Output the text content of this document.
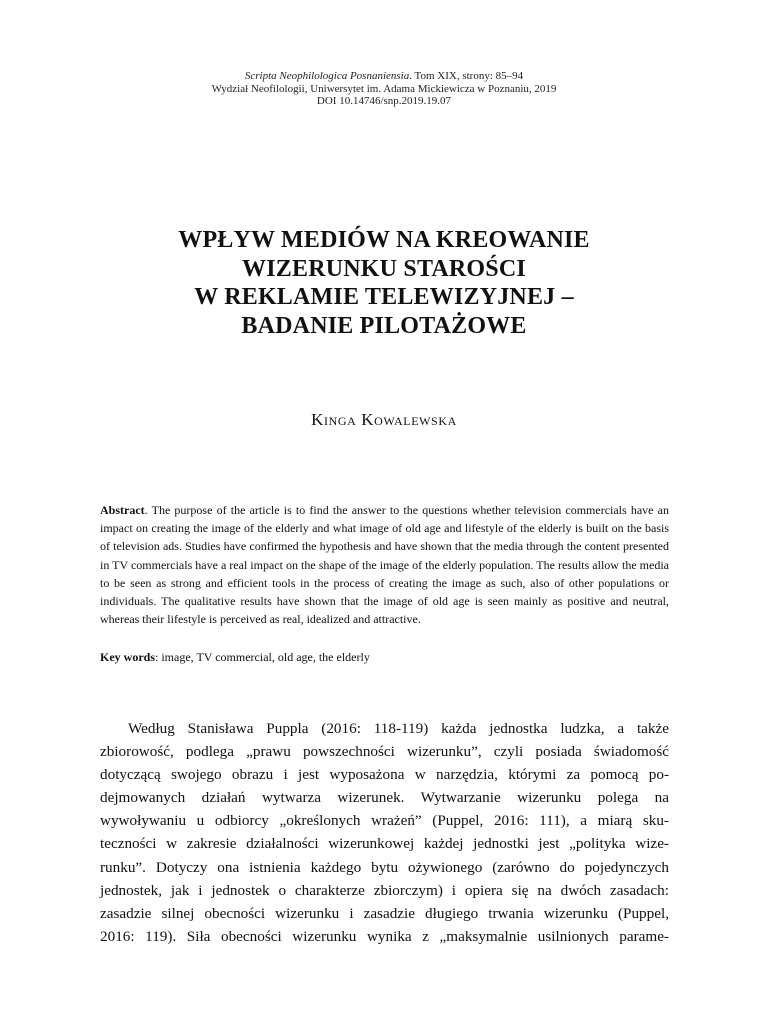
Scripta Neophilologica Posnaniensia. Tom XIX, strony: 85–94
Wydział Neofilologii, Uniwersytet im. Adama Mickiewicza w Poznaniu, 2019
DOI 10.14746/snp.2019.19.07
WPŁYW MEDIÓW NA KREOWANIE
WIZERUNKU STAROŚCI
W REKLAMIE TELEWIZYJNEJ –
BADANIE PILOTAŻOWE
Kinga Kowalewska
Abstract. The purpose of the article is to find the answer to the questions whether television commercials have an impact on creating the image of the elderly and what image of old age and lifestyle of the elderly is built on the basis of television ads. Studies have confirmed the hypothesis and have shown that the media through the content presented in TV commercials have a real impact on the shape of the image of the elderly population. The results allow the media to be seen as strong and efficient tools in the process of creating the image as such, also of other populations or individuals. The qualitative results have shown that the image of old age is seen mainly as positive and neutral, whereas their lifestyle is perceived as real, idealized and attractive.
Key words: image, TV commercial, old age, the elderly
Według Stanisława Puppla (2016: 118-119) każda jednostka ludzka, a także
zbiorowość, podlega „prawu powszechności wizerunku”, czyli posiada świadomość
dotyczącą swojego obrazu i jest wyposażona w narzędzia, którymi za pomocą po-
dejmowanych działań wytwarza wizerunek. Wytwarzanie wizerunku polega na
wywoływaniu u odbiorcy „określonych wrażeń” (Puppel, 2016: 111), a miarą sku-
teczności w zakresie działalności wizerunkowej każdej jednostki jest „polityka wize-
runku”. Dotyczy ona istnienia każdego bytu ożywionego (zarówno do pojedynczych
jednostek, jak i jednostek o charakterze zbiorczym) i opiera się na dwóch zasadach:
zasadzie silnej obecności wizerunku i zasadzie długiego trwania wizerunku (Puppel,
2016: 119). Siła obecności wizerunku wynika z „maksymalnie usilnionych parame-
